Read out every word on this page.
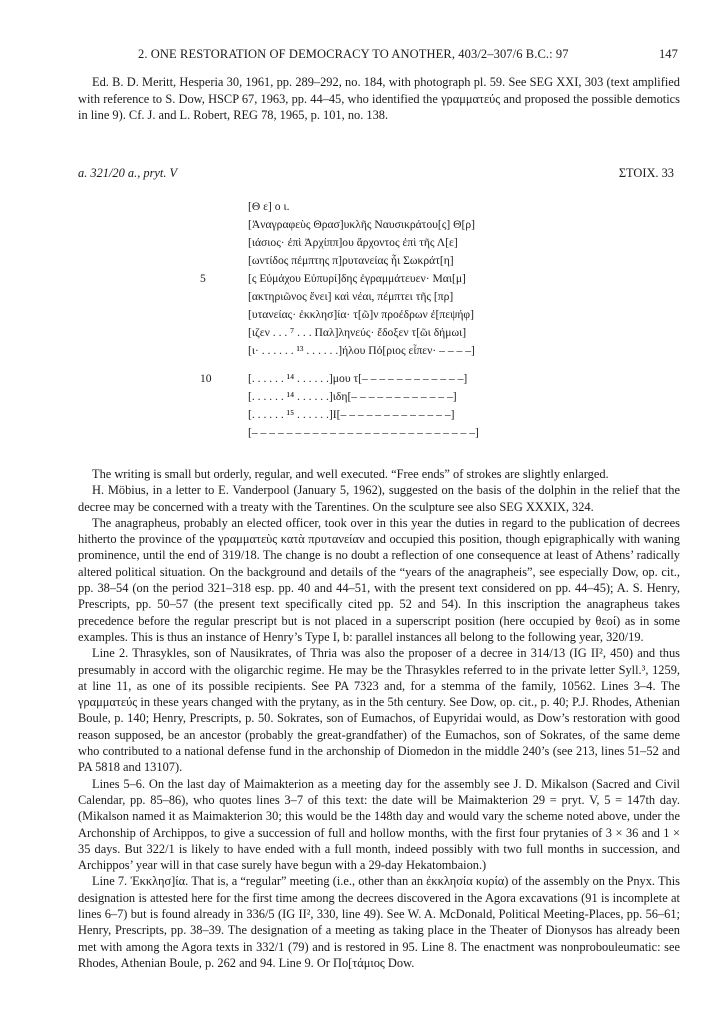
2. ONE RESTORATION OF DEMOCRACY TO ANOTHER, 403/2–307/6 B.C.: 97	147
Ed. B. D. Meritt, Hesperia 30, 1961, pp. 289–292, no. 184, with photograph pl. 59. See SEG XXI, 303 (text amplified with reference to S. Dow, HSCP 67, 1963, pp. 44–45, who identified the γραμματεύς and proposed the possible demotics in line 9). Cf. J. and L. Robert, REG 78, 1965, p. 101, no. 138.
a. 321/20 a., pryt. V	ΣΤΟΙΧ. 33
[Θ ε] ο ι.
[Ἀναγραφεὺς Θρασ]υκλῆς Ναυσικράτου[ς] Θ[ρ]
[ιάσιος· ἐπὶ Ἀρχίππ]ου ἄρχοντος ἐπὶ τῆς Λ[ε]
[ωντίδος πέμπτης π]ρυτανείας ἧι Σωκράτ[η]
5	[ς Εὐμάχου Εὐπυρί]δης ἐγραμμάτευεν· Μαι[μ]
[ακτηριῶνος ἕνει] καὶ νέαι, πέμπτει τῆς [πρ]
[υτανείας· ἐκκλησ]ία· τ[ῶ]ν προέδρων ἐ[πεψήφ]
[ιζεν . . . ⁷ . . . Παλ]ληνεύς· ἔδοξεν τ[ῶι δήμωι]
[ι· . . . . . . ¹³ . . . . . .]ήλου Πό[ριος εἶπεν· – – – –]
10	[. . . . . . ¹⁴ . . . . . .]μου τ[– – – – – – – – – – – –]
[. . . . . . ¹⁴ . . . . . .]ιδη[– – – – – – – – – – – –]
[. . . . . . ¹⁵ . . . . . .]Ι[– – – – – – – – – – – – –]
[– – – – – – – – – – – – – – – – – – – – – – – – – –]

The writing is small but orderly, regular, and well executed. “Free ends” of strokes are slightly enlarged.

H. Möbius, in a letter to E. Vanderpool (January 5, 1962), suggested on the basis of the dolphin in the relief that the decree may be concerned with a treaty with the Tarentines. On the sculpture see also SEG XXXIX, 324.

The anagrapheus, probably an elected officer, took over in this year the duties in regard to the publication of decrees hitherto the province of the γραμματεὺς κατὰ πρυτανείαν and occupied this position, though epigraphically with waning prominence, until the end of 319/18. The change is no doubt a reflection of one consequence at least of Athens’ radically altered political situation. On the background and details of the “years of the anagrapheis”, see especially Dow, op. cit., pp. 38–54 (on the period 321–318 esp. pp. 40 and 44–51, with the present text considered on pp. 44–45); A. S. Henry, Prescripts, pp. 50–57 (the present text specifically cited pp. 52 and 54). In this inscription the anagrapheus takes precedence before the regular prescript but is not placed in a superscript position (here occupied by θεοί) as in some examples. This is thus an instance of Henry’s Type I, b: parallel instances all belong to the following year, 320/19.

Line 2. Thrasykles, son of Nausikrates, of Thria was also the proposer of a decree in 314/13 (IG II², 450) and thus presumably in accord with the oligarchic regime. He may be the Thrasykles referred to in the private letter Syll.³, 1259, at line 11, as one of its possible recipients. See PA 7323 and, for a stemma of the family, 10562. Lines 3–4. The γραμματεύς in these years changed with the prytany, as in the 5th century. See Dow, op. cit., p. 40; P.J. Rhodes, Athenian Boule, p. 140; Henry, Prescripts, p. 50. Sokrates, son of Eumachos, of Eupyridai would, as Dow’s restoration with good reason supposed, be an ancestor (probably the great-grandfather) of the Eumachos, son of Sokrates, of the same deme who contributed to a national defense fund in the archonship of Diomedon in the middle 240’s (see 213, lines 51–52 and PA 5818 and 13107).

Lines 5–6. On the last day of Maimakterion as a meeting day for the assembly see J. D. Mikalson (Sacred and Civil Calendar, pp. 85–86), who quotes lines 3–7 of this text: the date will be Maimakterion 29 = pryt. V, 5 = 147th day. (Mikalson named it as Maimakterion 30; this would be the 148th day and would vary the scheme noted above, under the Archonship of Archippos, to give a succession of full and hollow months, with the first four prytanies of 3 × 36 and 1 × 35 days. But 322/1 is likely to have ended with a full month, indeed possibly with two full months in succession, and Archippos’ year will in that case surely have begun with a 29-day Hekatombaion.)

Line 7. Ἐκκλησ]ία. That is, a “regular” meeting (i.e., other than an ἐκκλησία κυρία) of the assembly on the Pnyx. This designation is attested here for the first time among the decrees discovered in the Agora excavations (91 is incomplete at lines 6–7) but is found already in 336/5 (IG II², 330, line 49). See W. A. McDonald, Political Meeting-Places, pp. 56–61; Henry, Prescripts, pp. 38–39. The designation of a meeting as taking place in the Theater of Dionysos has already been met with among the Agora texts in 332/1 (79) and is restored in 95. Line 8. The enactment was nonprobouleumatic: see Rhodes, Athenian Boule, p. 262 and 94. Line 9. Or Πο[τάμιος Dow.
